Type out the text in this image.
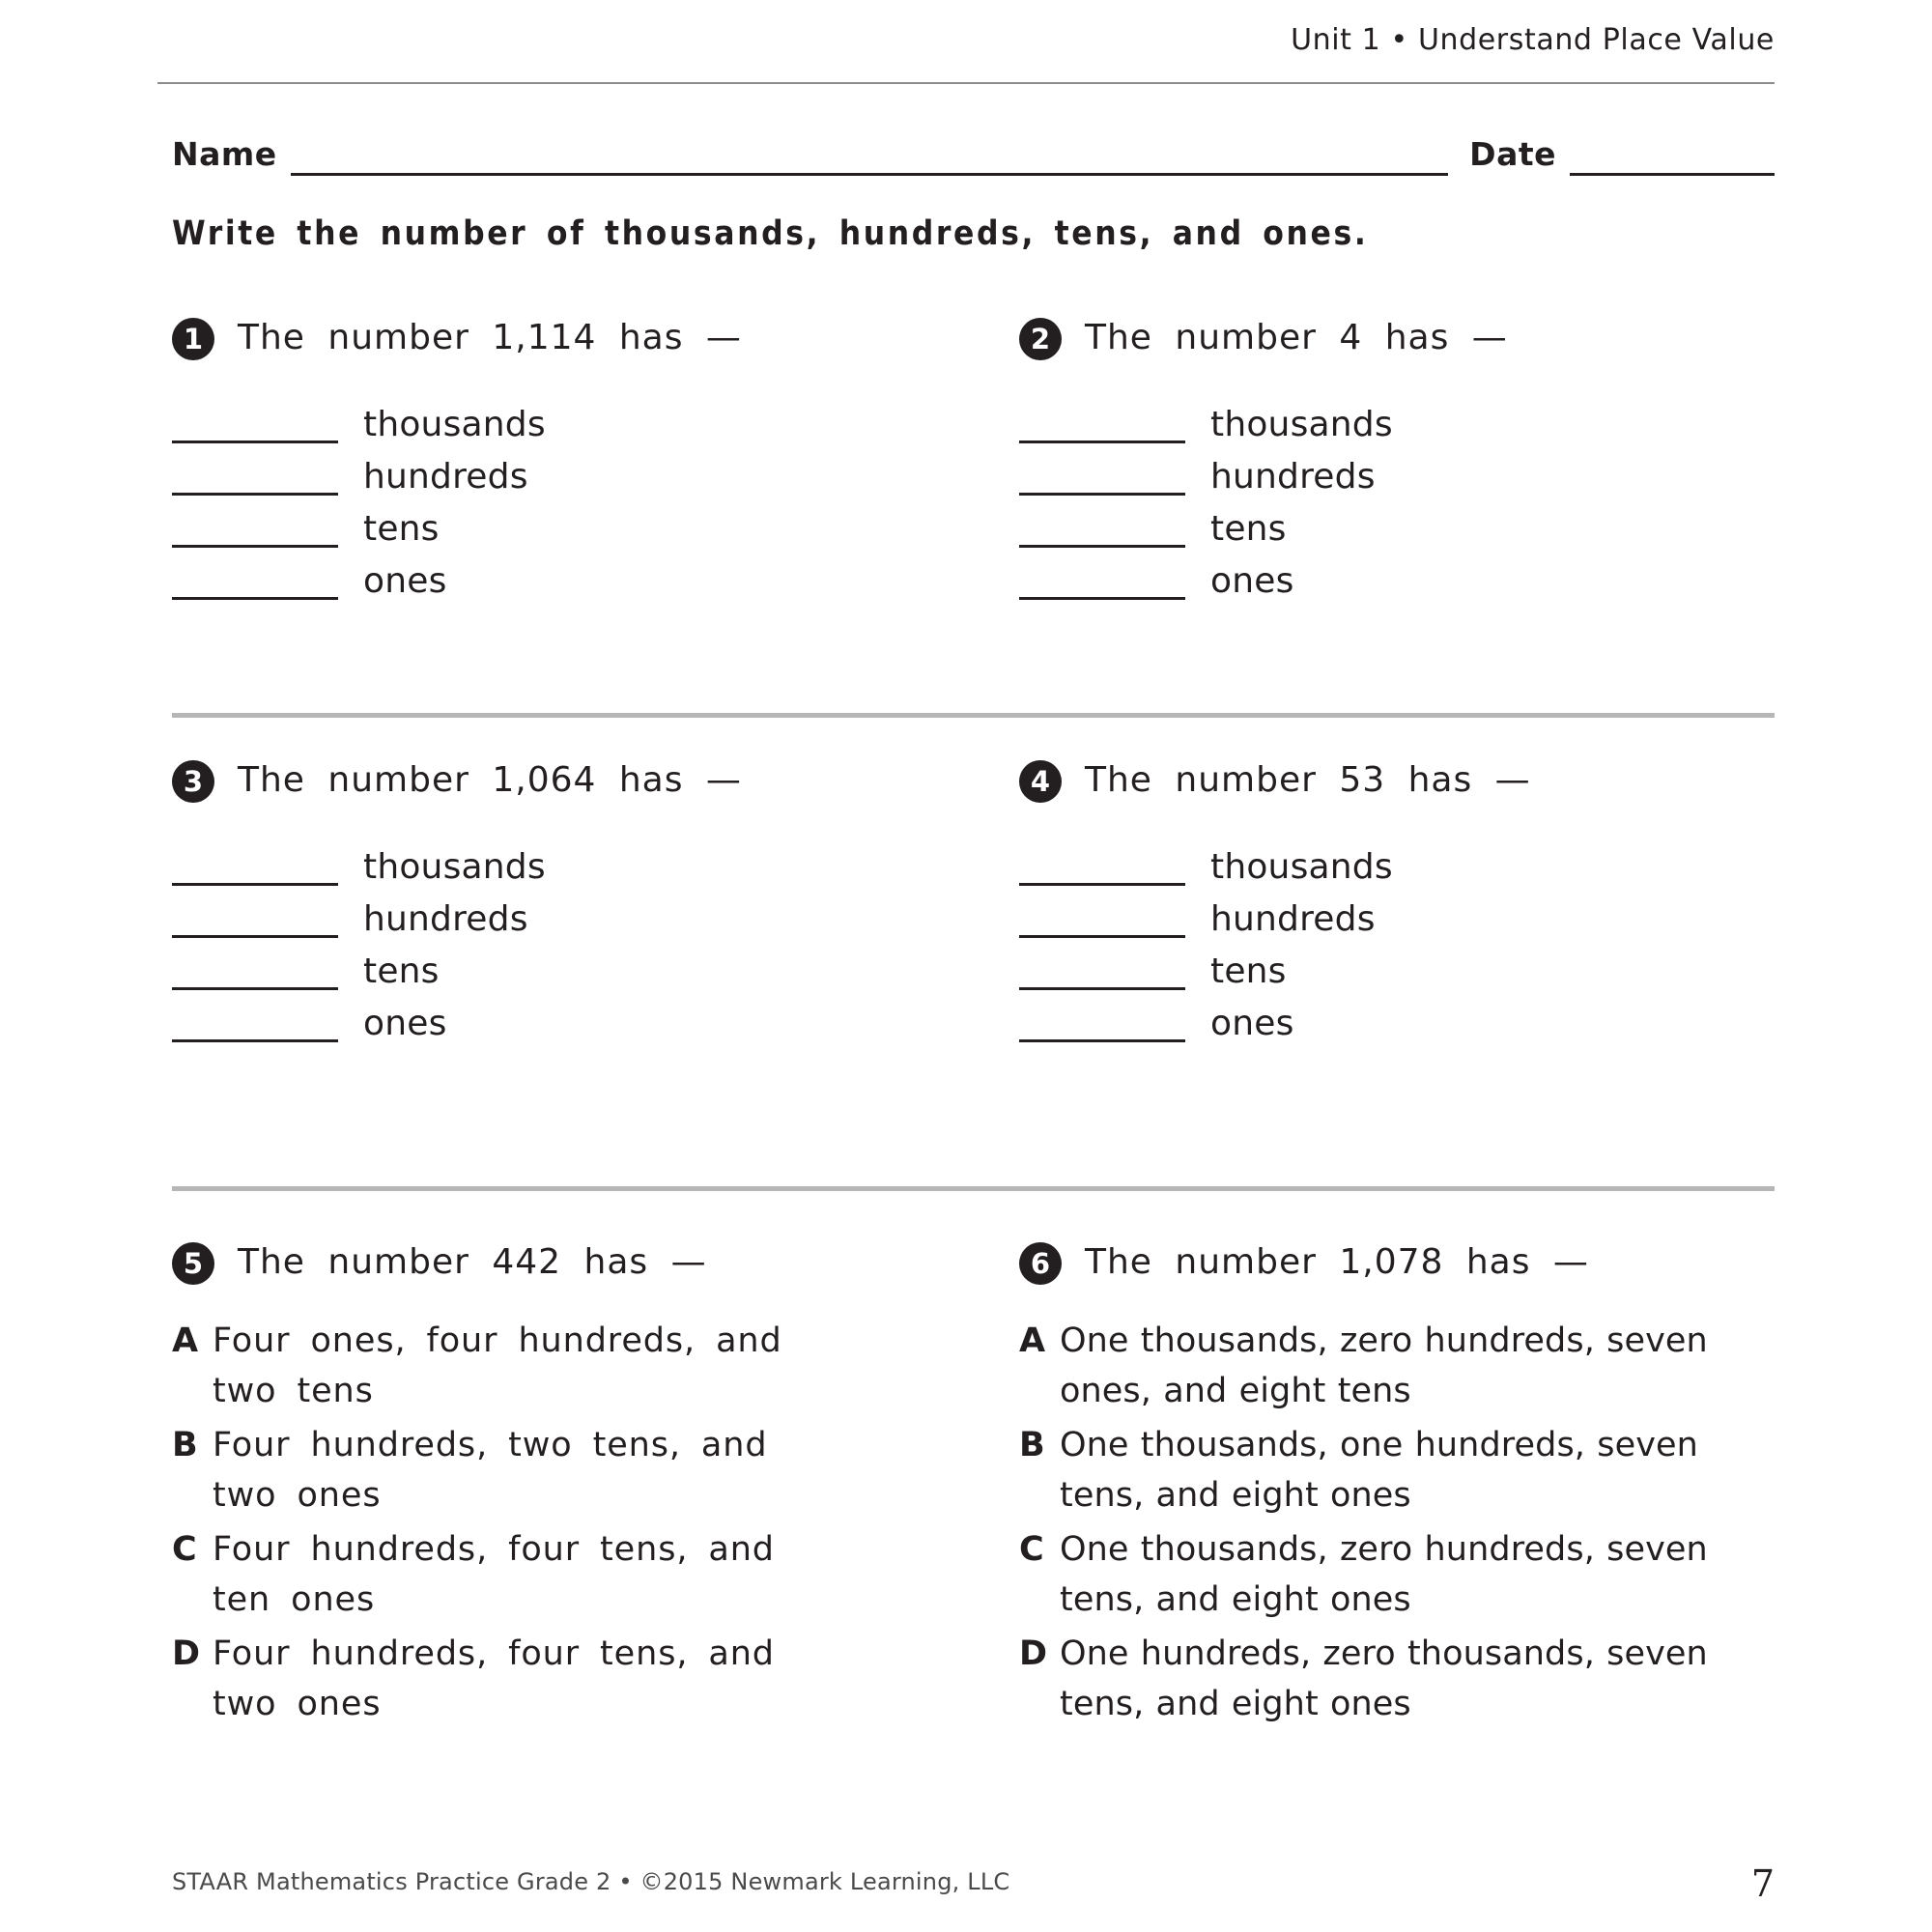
Unit 1 • Understand Place Value
Name	Date
Write the number of thousands, hundreds, tens, and ones.
1 The number 1,114 has —
thousands
hundreds
tens
ones
2 The number 4 has —
thousands
hundreds
tens
ones
3 The number 1,064 has —
thousands
hundreds
tens
ones
4 The number 53 has —
thousands
hundreds
tens
ones
5 The number 442 has —
A Four ones, four hundreds, and two tens
B Four hundreds, two tens, and two ones
C Four hundreds, four tens, and ten ones
D Four hundreds, four tens, and two ones
6 The number 1,078 has —
A One thousands, zero hundreds, seven ones, and eight tens
B One thousands, one hundreds, seven tens, and eight ones
C One thousands, zero hundreds, seven tens, and eight ones
D One hundreds, zero thousands, seven tens, and eight ones
STAAR Mathematics Practice Grade 2 • ©2015 Newmark Learning, LLC	7
